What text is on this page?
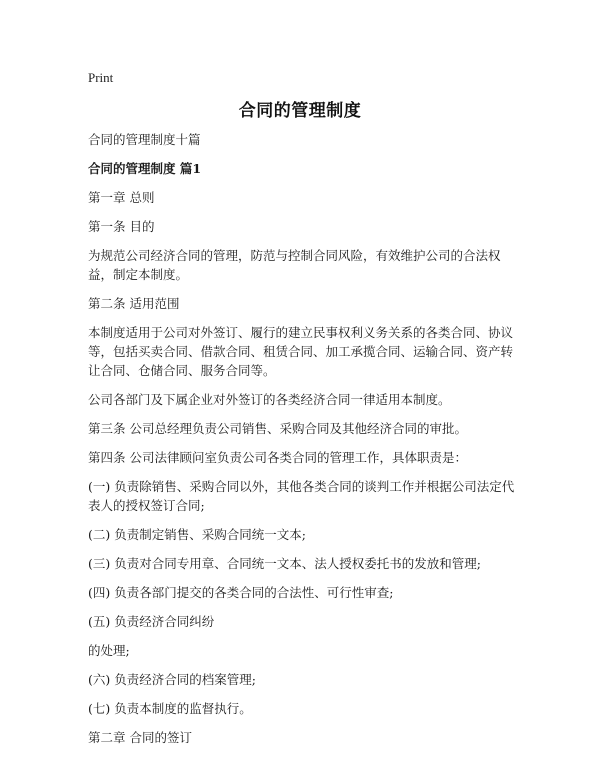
Print
合同的管理制度

合同的管理制度十篇

合同的管理制度 篇1

第一章 总则

第一条 目的

为规范公司经济合同的管理，防范与控制合同风险，有效维护公司的合法权益，制定本制度。

第二条 适用范围

本制度适用于公司对外签订、履行的建立民事权利义务关系的各类合同、协议等，包括买卖合同、借款合同、租赁合同、加工承揽合同、运输合同、资产转让合同、仓储合同、服务合同等。

公司各部门及下属企业对外签订的各类经济合同一律适用本制度。

第三条 公司总经理负责公司销售、采购合同及其他经济合同的审批。

第四条 公司法律顾问室负责公司各类合同的管理工作，具体职责是：

(一) 负责除销售、采购合同以外，其他各类合同的谈判工作并根据公司法定代表人的授权签订合同;

(二) 负责制定销售、采购合同统一文本;

(三) 负责对合同专用章、合同统一文本、法人授权委托书的发放和管理;

(四) 负责各部门提交的各类合同的合法性、可行性审查;

(五) 负责经济合同纠纷

的处理;

(六) 负责经济合同的档案管理;

(七) 负责本制度的监督执行。

第二章 合同的签订
